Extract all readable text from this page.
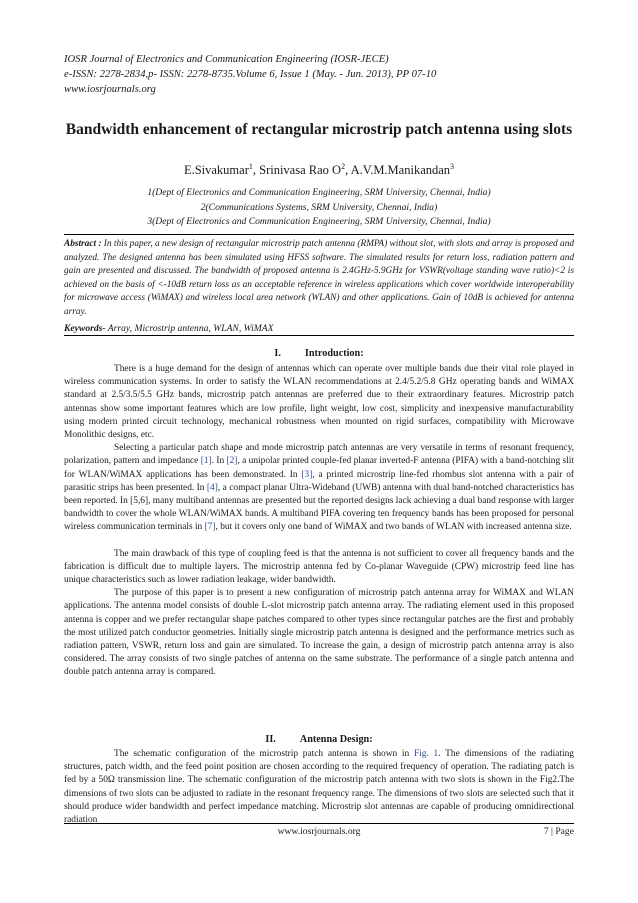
IOSR Journal of Electronics and Communication Engineering (IOSR-JECE)
e-ISSN: 2278-2834,p- ISSN: 2278-8735.Volume 6, Issue 1 (May. - Jun. 2013), PP 07-10
www.iosrjournals.org
Bandwidth enhancement of rectangular microstrip patch antenna using slots
E.Sivakumar$^1$, Srinivasa Rao $O^2$, A.V.M.Manikandan$^3$
1(Dept of Electronics and Communication Engineering, SRM University, Chennai, India)
2(Communications Systems, SRM University, Chennai, India)
3(Dept of Electronics and Communication Engineering, SRM University, Chennai, India)
Abstract : In this paper, a new design of rectangular microstrip patch antenna (RMPA) without slot, with slots and array is proposed and analyzed. The designed antenna has been simulated using HFSS software. The simulated results for return loss, radiation pattern and gain are presented and discussed. The bandwidth of proposed antenna is 2.4GHz-5.9GHz for VSWR(voltage standing wave ratio)<2 is achieved on the basis of <-10dB return loss as an acceptable reference in wireless applications which cover worldwide interoperability for microwave access (WiMAX) and wireless local area network (WLAN) and other applications. Gain of 10dB is achieved for antenna array.
Keywords- Array, Microstrip antenna, WLAN, WiMAX
I. Introduction:

There is a huge demand for the design of antennas which can operate over multiple bands due their vital role played in wireless communication systems. In order to satisfy the WLAN recommendations at 2.4/5.2/5.8 GHz operating bands and WiMAX standard at 2.5/3.5/5.5 GHz bands, microstrip patch antennas are preferred due to their extraordinary features. Microstrip patch antennas show some important features which are low profile, light weight, low cost, simplicity and inexpensive manufacturability using modern printed circuit technology, mechanical robustness when mounted on rigid surfaces, compatibility with Microwave Monolithic designs, etc.

Selecting a particular patch shape and mode microstrip patch antennas are very versatile in terms of resonant frequency, polarization, pattern and impedance [1]. In [2], a unipolar printed couple-fed planar inverted-F antenna (PIFA) with a band-notching slit for WLAN/WiMAX applications has been demonstrated. In [3], a printed microstrip line-fed rhombus slot antenna with a pair of parasitic strips has been presented. In [4], a compact planar Ultra-Wideband (UWB) antenna with dual band-notched characteristics has been reported. In [5,6], many multiband antennas are presented but the reported designs lack achieving a dual band response with larger bandwidth to cover the whole WLAN/WiMAX bands. A multiband PIFA covering ten frequency bands has been proposed for personal wireless communication terminals in [7], but it covers only one band of WiMAX and two bands of WLAN with increased antenna size.

The main drawback of this type of coupling feed is that the antenna is not sufficient to cover all frequency bands and the fabrication is difficult due to multiple layers. The microstrip antenna fed by Co-planar Waveguide (CPW) microstrip feed line has unique characteristics such as lower radiation leakage, wider bandwidth.

The purpose of this paper is to present a new configuration of microstrip patch antenna array for WiMAX and WLAN applications. The antenna model consists of double L-slot microstrip patch antenna array. The radiating element used in this proposed antenna is copper and we prefer rectangular shape patches compared to other types since rectangular patches are the first and probably the most utilized patch conductor geometries. Initially single microstrip patch antenna is designed and the performance metrics such as radiation pattern, VSWR, return loss and gain are simulated. To increase the gain, a design of microstrip patch antenna array is also considered. The array consists of two single patches of antenna on the same substrate. The performance of a single patch antenna and double patch antenna array is compared.

II. Antenna Design:

The schematic configuration of the microstrip patch antenna is shown in Fig. 1. The dimensions of the radiating structures, patch width, and the feed point position are chosen according to the required frequency of operation. The radiating patch is fed by a 50Ω transmission line. The schematic configuration of the microstrip patch antenna with two slots is shown in the Fig2.The dimensions of two slots can be adjusted to radiate in the resonant frequency range. The dimensions of two slots are selected such that it should produce wider bandwidth and perfect impedance matching. Microstrip slot antennas are capable of producing omnidirectional radiation

www.iosrjournals.org	7 | Page
